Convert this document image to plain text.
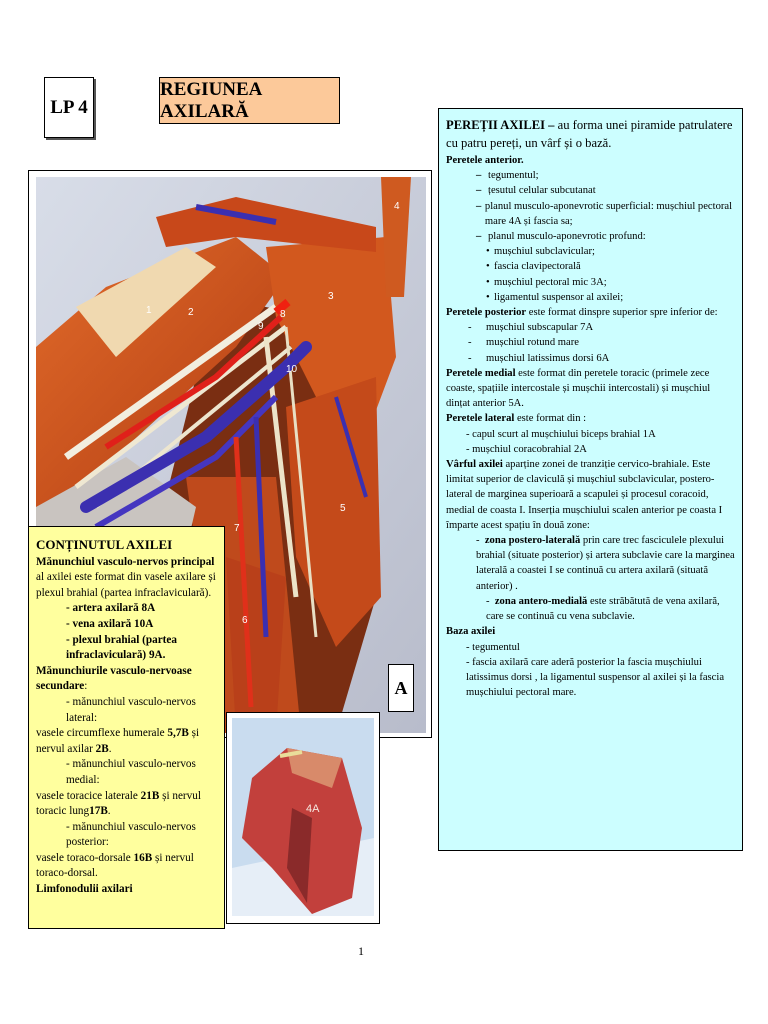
LP 4
REGIUNEA AXILARĂ
1	2
3
4
5
6
7
8
9
10
A
4A
CONȚINUTUL AXILEI
Mănunchiul vasculo-nervos principal al axilei este format din vasele axilare și plexul brahial (partea infraclaviculară).
- artera axilară 8A
- vena axilară 10A
- plexul brahial (partea infraclaviculară) 9A.
Mănunchiurile vasculo-nervoase secundare:
- mănunchiul vasculo-nervos lateral:
vasele circumflexe humerale 5,7B și nervul axilar 2B.
- mănunchiul vasculo-nervos medial:
vasele toracice laterale 21B și nervul toracic lung17B.
- mănunchiul vasculo-nervos posterior:
vasele toraco-dorsale 16B și nervul toraco-dorsal.
Limfonodulii axilari
PEREȚII AXILEI – au forma unei piramide patrulatere cu patru pereți, un vârf și o bază.
Peretele anterior.
– tegumentul;
– țesutul celular subcutanat
– planul musculo-aponevrotic superficial: mușchiul pectoral mare 4A și fascia sa;
– planul musculo-aponevrotic profund:
• mușchiul subclavicular;
• fascia clavipectorală
• mușchiul pectoral mic 3A;
• ligamentul suspensor al axilei;
Peretele posterior este format dinspre superior spre inferior de:
-	mușchiul subscapular 7A
-	mușchiul rotund mare
-	mușchiul latissimus dorsi 6A
Peretele medial este format din peretele toracic (primele zece coaste, spațiile intercostale și mușchii intercostali) și mușchiul dințat anterior 5A.
Peretele lateral este format din :
- capul scurt al mușchiului biceps brahial 1A
- mușchiul coracobrahial 2A
Vârful axilei aparține zonei de tranziție cervico-brahiale. Este limitat superior de claviculă și mușchiul subclavicular, postero-lateral de marginea superioară a scapulei și procesul coracoid, medial de coasta I. Inserția mușchiului scalen anterior pe coasta I împarte acest spațiu în două zone:
-  zona postero-laterală prin care trec fasciculele plexului brahial (situate posterior) și artera subclavie care la marginea laterală a coastei I se continuă cu artera axilară (situată anterior) .
-  zona antero-medială este străbătută de vena axilară, care se continuă cu vena subclavie.
Baza axilei
- tegumentul
- fascia axilară care aderă posterior la fascia mușchiului latissimus dorsi , la ligamentul suspensor al axilei și la fascia mușchiului pectoral mare.
1
